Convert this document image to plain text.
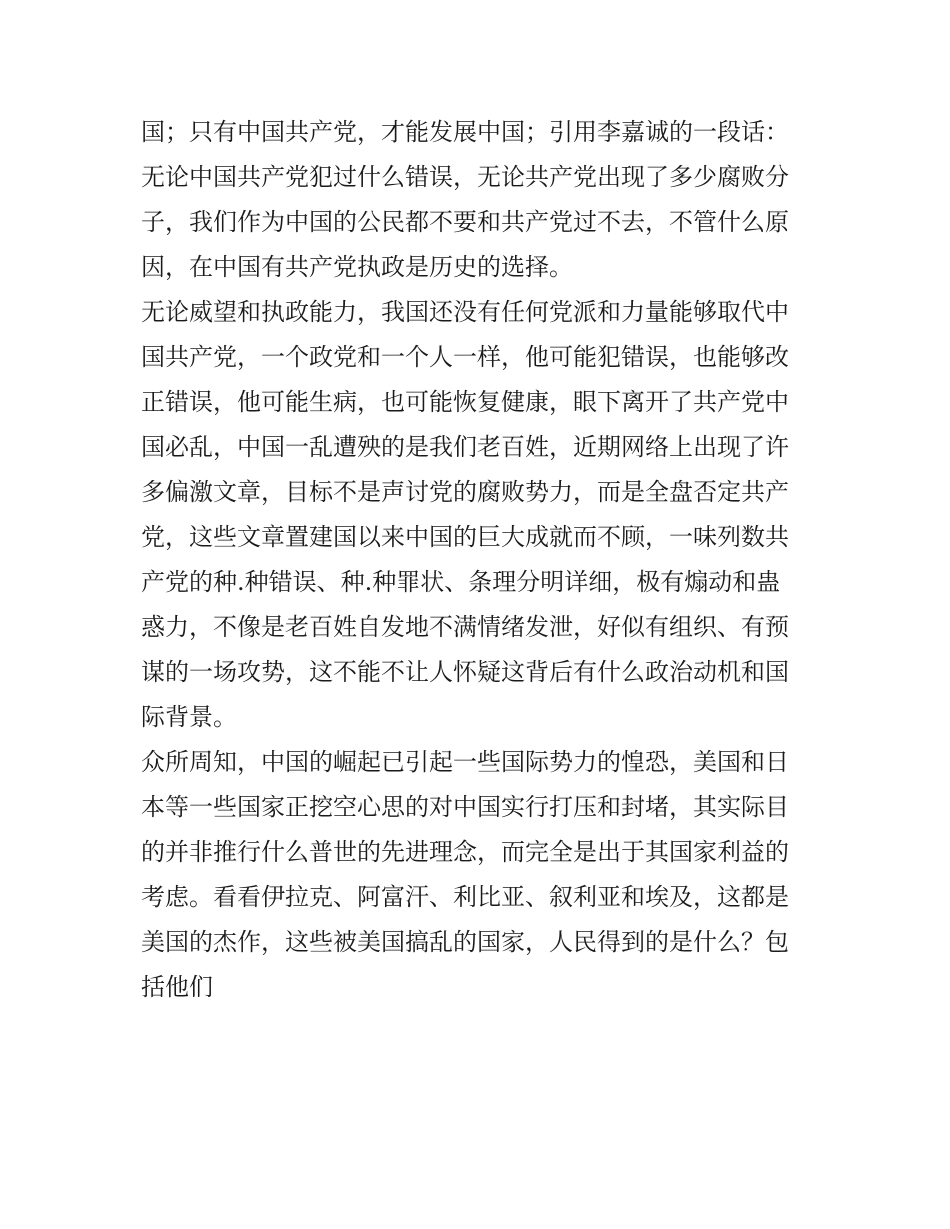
国；只有中国共产党，才能发展中国；引用李嘉诚的一段话：
无论中国共产党犯过什么错误，无论共产党出现了多少腐败分
子，我们作为中国的公民都不要和共产党过不去，不管什么原
因，在中国有共产党执政是历史的选择。
无论威望和执政能力，我国还没有任何党派和力量能够取代中
国共产党，一个政党和一个人一样，他可能犯错误，也能够改
正错误，他可能生病，也可能恢复健康，眼下离开了共产党中
国必乱，中国一乱遭殃的是我们老百姓，近期网络上出现了许
多偏激文章，目标不是声讨党的腐败势力，而是全盘否定共产
党，这些文章置建国以来中国的巨大成就而不顾，一味列数共
产党的种.种错误、种.种罪状、条理分明详细，极有煽动和蛊
惑力，不像是老百姓自发地不满情绪发泄，好似有组织、有预
谋的一场攻势，这不能不让人怀疑这背后有什么政治动机和国
际背景。
众所周知，中国的崛起已引起一些国际势力的惶恐，美国和日
本等一些国家正挖空心思的对中国实行打压和封堵，其实际目
的并非推行什么普世的先进理念，而完全是出于其国家利益的
考虑。看看伊拉克、阿富汗、利比亚、叙利亚和埃及，这都是
美国的杰作，这些被美国搞乱的国家，人民得到的是什么？包
括他们
